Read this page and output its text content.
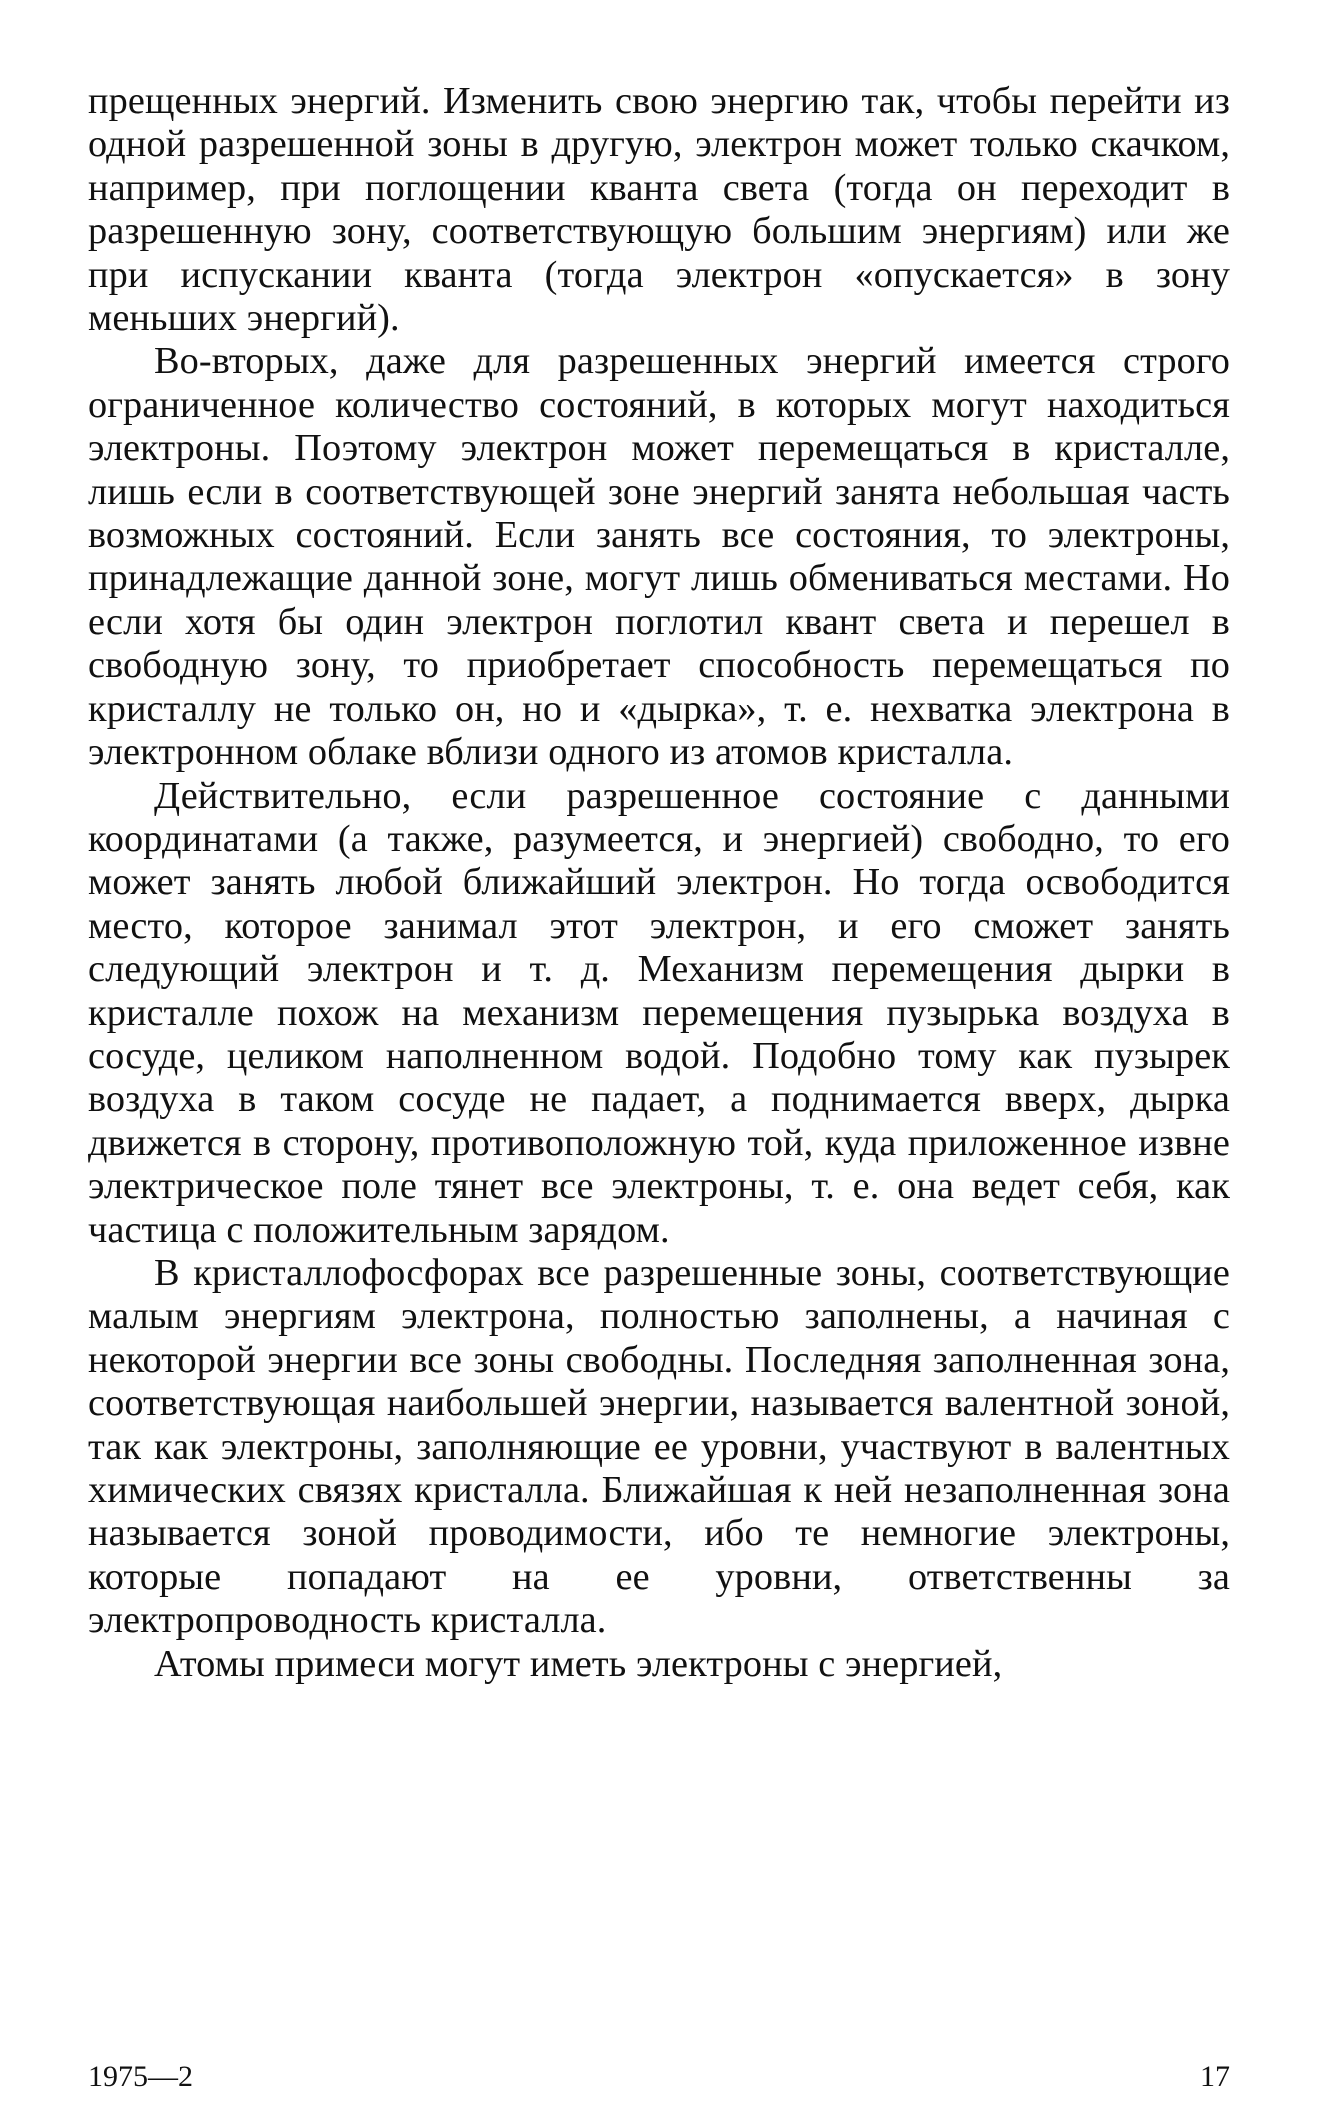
прещенных энергий. Изменить свою энергию так, чтобы перейти из одной разрешенной зоны в другую, электрон может только скачком, например, при поглощении кванта света (тогда он переходит в разрешенную зону, соответствующую большим энергиям) или же при испускании кванта (тогда электрон «опускается» в зону меньших энергий).

Во-вторых, даже для разрешенных энергий имеется строго ограниченное количество состояний, в которых могут находиться электроны. Поэтому электрон может перемещаться в кристалле, лишь если в соответствующей зоне энергий занята небольшая часть возможных состояний. Если занять все состояния, то электроны, принадлежащие данной зоне, могут лишь обмениваться местами. Но если хотя бы один электрон поглотил квант света и перешел в свободную зону, то приобретает способность перемещаться по кристаллу не только он, но и «дырка», т. е. нехватка электрона в электронном облаке вблизи одного из атомов кристалла.

Действительно, если разрешенное состояние с данными координатами (а также, разумеется, и энергией) свободно, то его может занять любой ближайший электрон. Но тогда освободится место, которое занимал этот электрон, и его сможет занять следующий электрон и т. д. Механизм перемещения дырки в кристалле похож на механизм перемещения пузырька воздуха в сосуде, целиком наполненном водой. Подобно тому как пузырек воздуха в таком сосуде не падает, а поднимается вверх, дырка движется в сторону, противоположную той, куда приложенное извне электрическое поле тянет все электроны, т. е. она ведет себя, как частица с положительным зарядом.

В кристаллофосфорах все разрешенные зоны, соответствующие малым энергиям электрона, полностью заполнены, а начиная с некоторой энергии все зоны свободны. Последняя заполненная зона, соответствующая наибольшей энергии, называется валентной зоной, так как электроны, заполняющие ее уровни, участвуют в валентных химических связях кристалла. Ближайшая к ней незаполненная зона называется зоной проводимости, ибо те немногие электроны, которые попадают на ее уровни, ответственны за электропроводность кристалла.

Атомы примеси могут иметь электроны с энергией,

1975—2	17
